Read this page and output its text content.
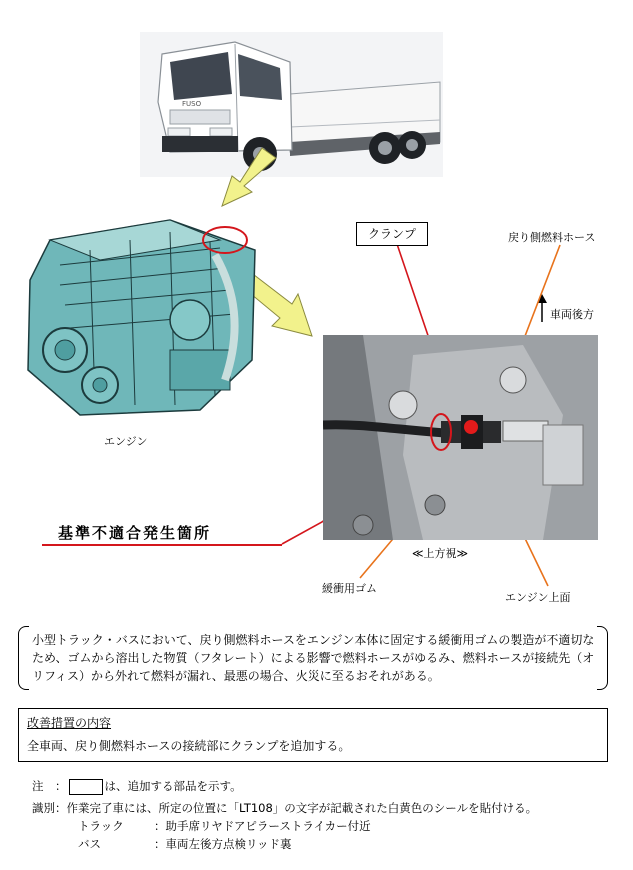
FUSO
クランプ	戻り側燃料ホース
車両後方
エンジン
基準不適合発生箇所
≪上方視≫
緩衝用ゴム
エンジン上面

小型トラック・バスにおいて、戻り側燃料ホースをエンジン本体に固定する緩衝用ゴムの製造が不適切なため、ゴムから溶出した物質（フタレート）による影響で燃料ホースがゆるみ、燃料ホースが接続先（オリフィス）から外れて燃料が漏れ、最悪の場合、火災に至るおそれがある。

改善措置の内容
全車両、戻り側燃料ホースの接続部にクランプを追加する。
注　：	は、追加する部品を示す。
識別：作業完了車には、所定の位置に「LT108」の文字が記載された白黄色のシールを貼付ける。
トラック	：助手席リヤドアピラーストライカー付近
バス	：車両左後方点検リッド裏
